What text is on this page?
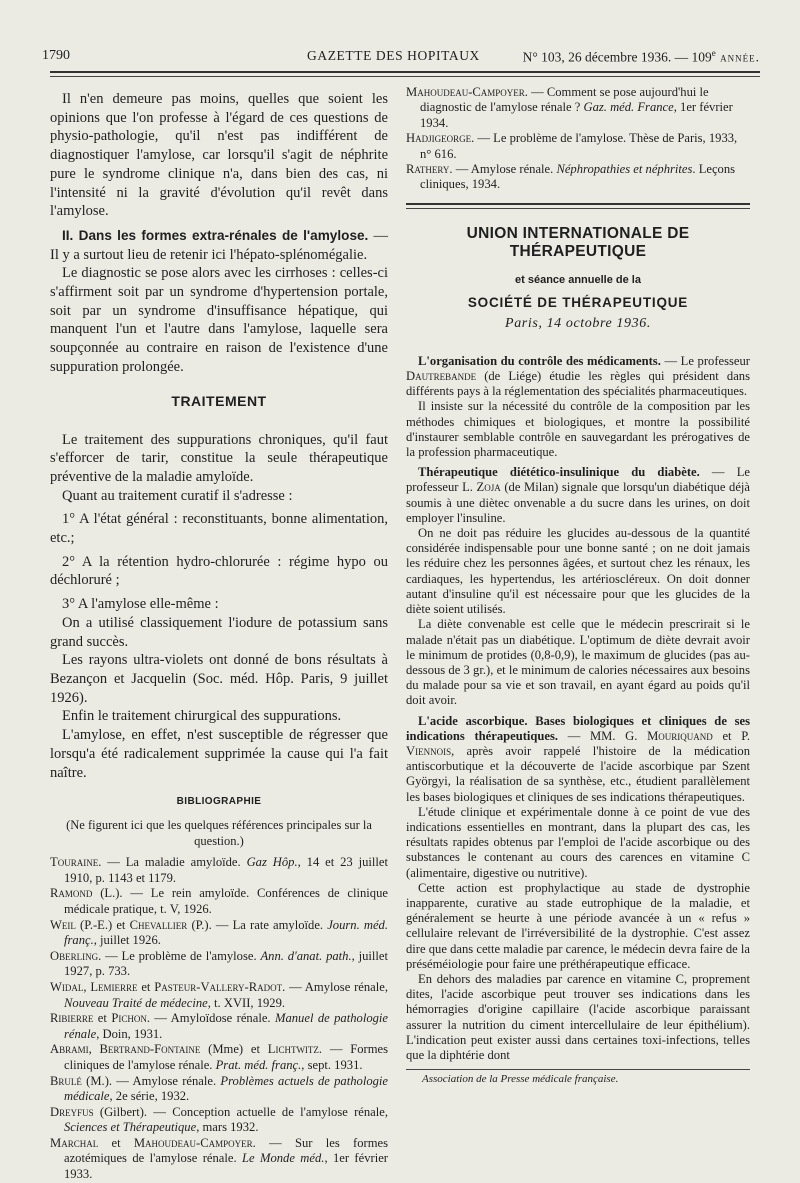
1790	GAZETTE DES HOPITAUX	N° 103, 26 décembre 1936. — 109e année.

Il n'en demeure pas moins, quelles que soient les opinions que l'on professe à l'égard de ces questions de physio-pathologie, qu'il n'est pas indifférent de diagnostiquer l'amylose, car lorsqu'il s'agit de néphrite pure le syndrome clinique n'a, dans bien des cas, ni l'intensité ni la gravité d'évolution qu'il revêt dans l'amylose.

II. Dans les formes extra-rénales de l'amylose. — Il y a surtout lieu de retenir ici l'hépato-splénomégalie.

Le diagnostic se pose alors avec les cirrhoses : celles-ci s'affirment soit par un syndrome d'hypertension portale, soit par un syndrome d'insuffisance hépatique, qui manquent l'un et l'autre dans l'amylose, laquelle sera soupçonnée au contraire en raison de l'existence d'une suppuration prolongée.

TRAITEMENT

Le traitement des suppurations chroniques, qu'il faut s'efforcer de tarir, constitue la seule thérapeutique préventive de la maladie amyloïde.

Quant au traitement curatif il s'adresse :

1° A l'état général : reconstituants, bonne alimentation, etc.;

2° A la rétention hydro-chlorurée : régime hypo ou déchloruré ;

3° A l'amylose elle-même :

On a utilisé classiquement l'iodure de potassium sans grand succès.

Les rayons ultra-violets ont donné de bons résultats à Bezançon et Jacquelin (Soc. méd. Hôp. Paris, 9 juillet 1926).

Enfin le traitement chirurgical des suppurations.

L'amylose, en effet, n'est susceptible de régresser que lorsqu'a été radicalement supprimée la cause qui l'a fait naître.

BIBLIOGRAPHIE

(Ne figurent ici que les quelques références principales sur la question.)

Touraine. — La maladie amyloïde. Gaz Hôp., 14 et 23 juillet 1910, p. 1143 et 1179.

Ramond (L.). — Le rein amyloïde. Conférences de clinique médicale pratique, t. V, 1926.

Weil (P.-E.) et Chevallier (P.). — La rate amyloïde. Journ. méd. franç., juillet 1926.

Oberling. — Le problème de l'amylose. Ann. d'anat. path., juillet 1927, p. 733.

Widal, Lemierre et Pasteur-Vallery-Radot. — Amylose rénale, Nouveau Traité de médecine, t. XVII, 1929.

Ribierre et Pichon. — Amyloïdose rénale. Manuel de pathologie rénale, Doin, 1931.

Abrami, Bertrand-Fontaine (Mme) et Lichtwitz. — Formes cliniques de l'amylose rénale. Prat. méd. franç., sept. 1931.

Brulé (M.). — Amylose rénale. Problèmes actuels de pathologie médicale, 2e série, 1932.

Dreyfus (Gilbert). — Conception actuelle de l'amylose rénale, Sciences et Thérapeutique, mars 1932.

Marchal et Mahoudeau-Campoyer. — Sur les formes azotémiques de l'amylose rénale. Le Monde méd., 1er février 1933.

Mahoudeau-Campoyer. — Comment se pose aujourd'hui le diagnostic de l'amylose rénale ? Gaz. méd. France, 1er février 1934.

Hadjigeorge. — Le problème de l'amylose. Thèse de Paris, 1933, n° 616.

Rathery. — Amylose rénale. Néphropathies et néphrites. Leçons cliniques, 1934.

UNION INTERNATIONALE DE THÉRAPEUTIQUE
et séance annuelle de la
SOCIÉTÉ DE THÉRAPEUTIQUE
Paris, 14 octobre 1936.

L'organisation du contrôle des médicaments. — Le professeur Dautrebande (de Liége) étudie les règles qui président dans différents pays à la réglementation des spécialités pharmaceutiques.

Il insiste sur la nécessité du contrôle de la composition par les méthodes chimiques et biologiques, et montre la possibilité d'instaurer semblable contrôle en sauvegardant les prérogatives de la profession pharmaceutique.

Thérapeutique diétético-insulinique du diabète. — Le professeur L. Zoja (de Milan) signale que lorsqu'un diabétique déjà soumis à une diètec onvenable a du sucre dans les urines, on doit employer l'insuline.

On ne doit pas réduire les glucides au-dessous de la quantité considérée indispensable pour une bonne santé ; on ne doit jamais les réduire chez les personnes âgées, et surtout chez les rénaux, les cardiaques, les hypertendus, les artérioscléreux. On doit donner autant d'insuline qu'il est nécessaire pour que les glucides de la diète soient utilisés.

La diète convenable est celle que le médecin prescrirait si le malade n'était pas un diabétique. L'optimum de diète devrait avoir le minimum de protides (0,8-0,9), le maximum de glucides (pas au-dessous de 3 gr.), et le minimum de calories nécessaires aux besoins du malade pour sa vie et son travail, en ayant égard au poids qu'il doit avoir.

L'acide ascorbique. Bases biologiques et cliniques de ses indications thérapeutiques. — MM. G. Mouriquand et P. Viennois, après avoir rappelé l'histoire de la médication antiscorbutique et la découverte de l'acide ascorbique par Szent Györgyi, la réalisation de sa synthèse, etc., étudient parallèlement les bases biologiques et cliniques de ses indications thérapeutiques.

L'étude clinique et expérimentale donne à ce point de vue des indications essentielles en montrant, dans la plupart des cas, les résultats rapides obtenus par l'emploi de l'acide ascorbique ou des substances le contenant au cours des carences en vitamine C (alimentaire, digestive ou nutritive).

Cette action est prophylactique au stade de dystrophie inapparente, curative au stade eutrophique de la maladie, et généralement se heurte à une période avancée à un « refus » cellulaire relevant de l'irréversibilité de la dystrophie. C'est assez dire que dans cette maladie par carence, le médecin devra faire de la préséméiologie pour faire une préthérapeutique efficace.

En dehors des maladies par carence en vitamine C, proprement dites, l'acide ascorbique peut trouver ses indications dans les hémorragies d'origine capillaire (l'acide ascorbique paraissant assurer la nutrition du ciment intercellulaire de leur épithélium). L'indication peut exister aussi dans certaines toxi-infections, telles que la diphtérie dont

Association de la Presse médicale française.
